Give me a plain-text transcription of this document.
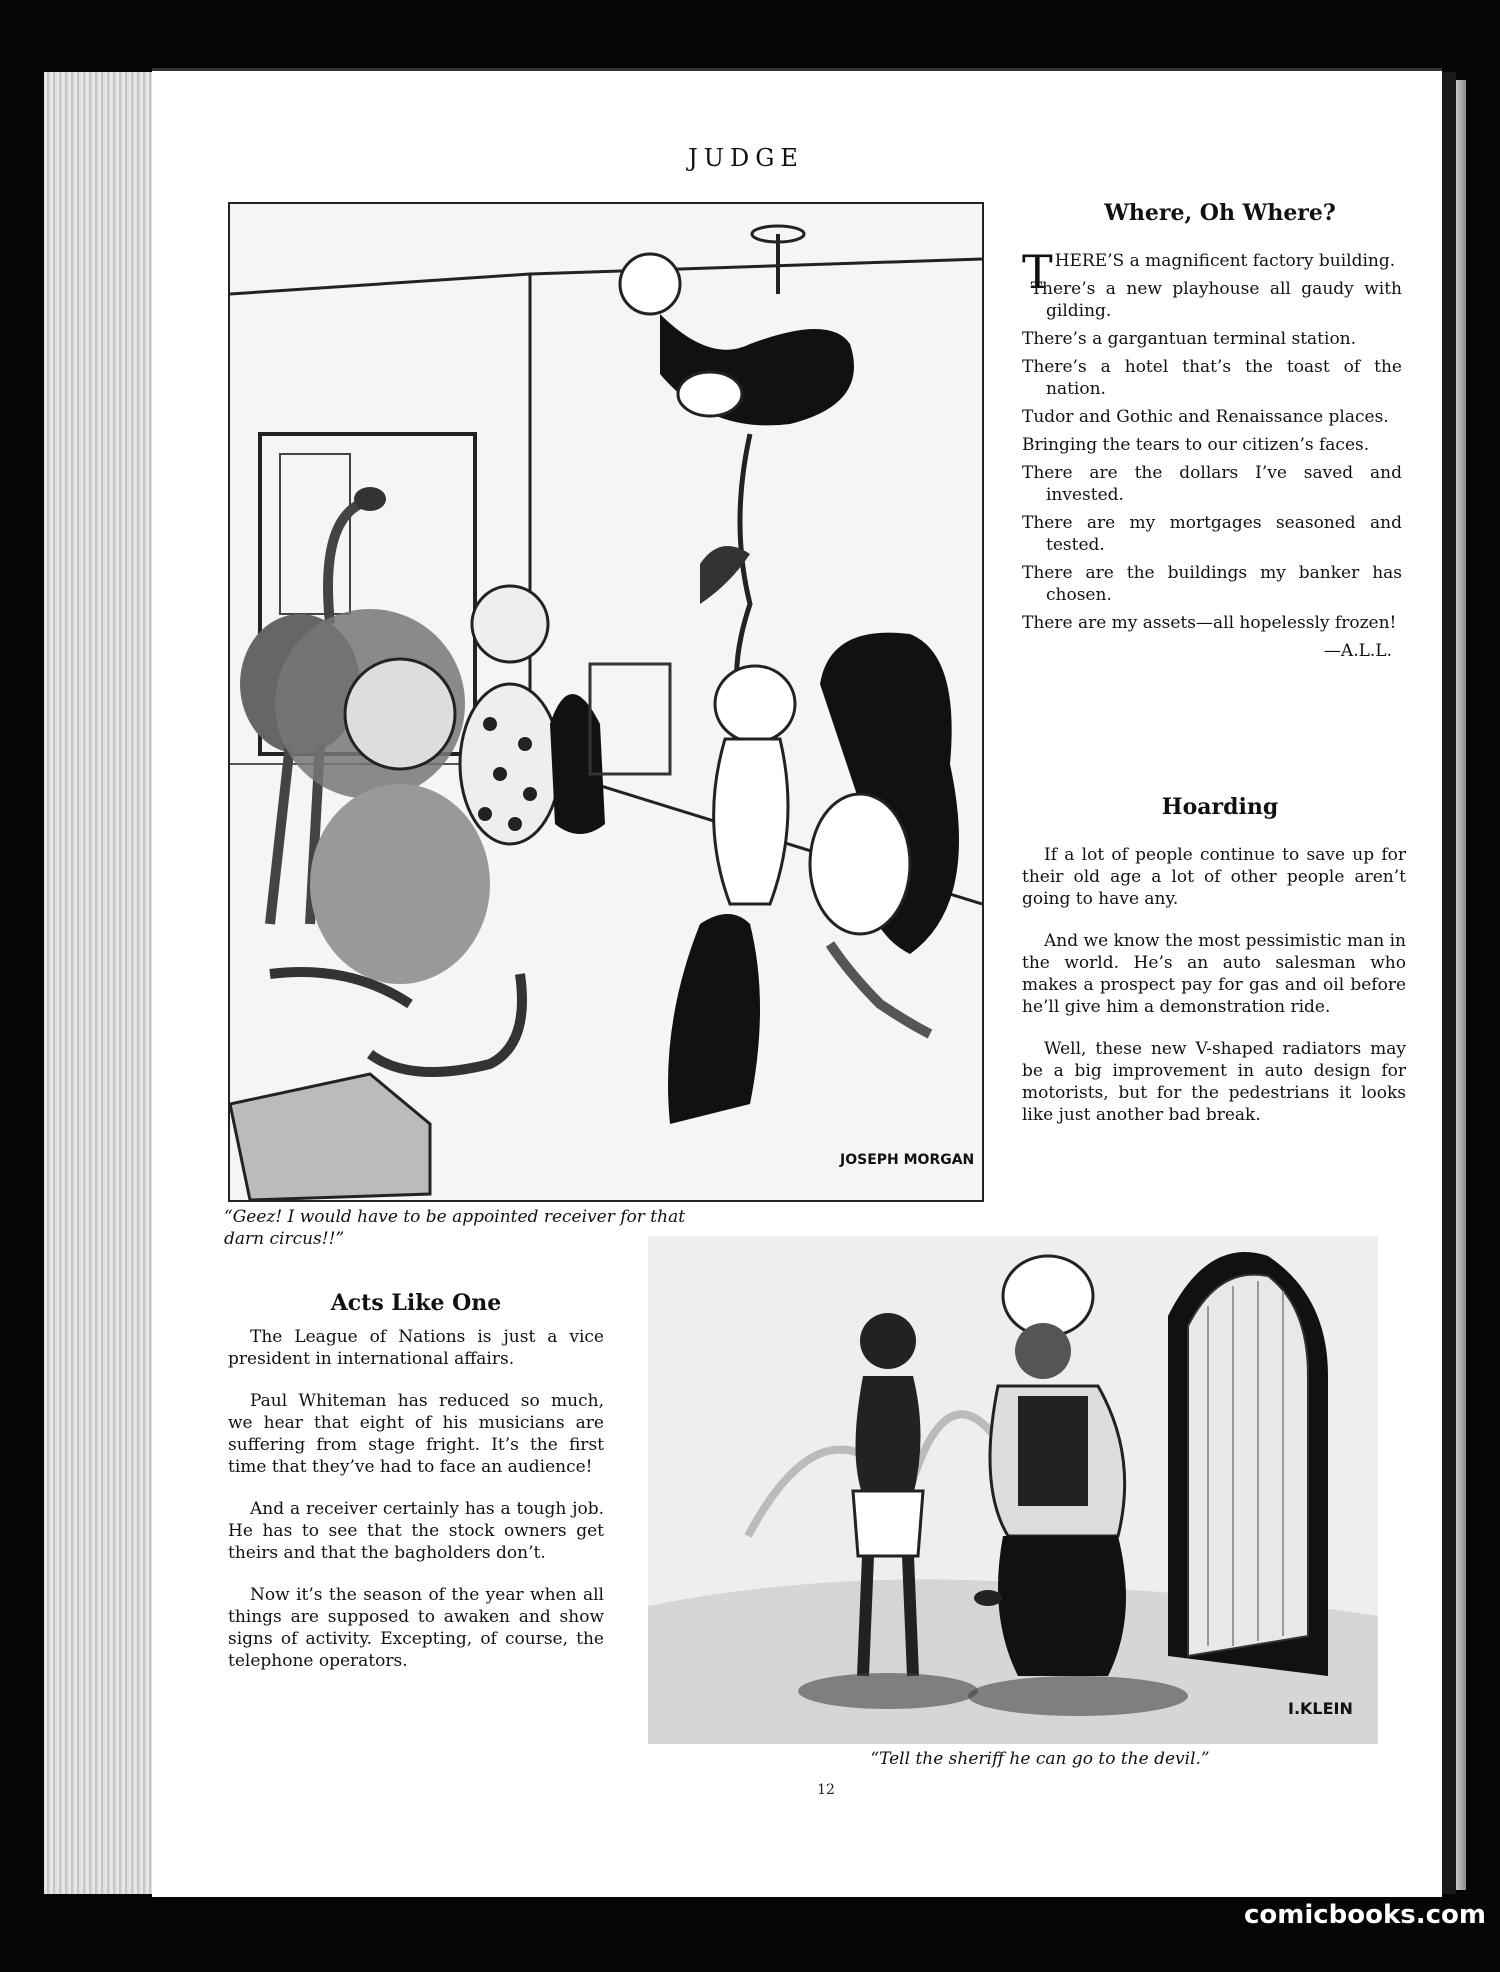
JUDGE
JOSEPH MORGAN
“Geez! I would have to be appointed receiver for that darn circus!!”
Where, Oh Where?
T HERE’S a magnificent factory building.
There’s a new playhouse all gaudy with gilding.
There’s a gargantuan terminal station.
There’s a hotel that’s the toast of the nation.
Tudor and Gothic and Renaissance places.
Bringing the tears to our citizen’s faces.
There are the dollars I’ve saved and invested.
There are my mortgages seasoned and tested.
There are the buildings my banker has chosen.
There are my assets—all hopelessly frozen!
—A.L.L.
Hoarding

If a lot of people continue to save up for their old age a lot of other people aren’t going to have any.

And we know the most pessimistic man in the world. He’s an auto salesman who makes a prospect pay for gas and oil before he’ll give him a demonstration ride.

Well, these new V-shaped radiators may be a big improvement in auto design for motorists, but for the pedestrians it looks like just another bad break.

Acts Like One

The League of Nations is just a vice president in international affairs.

Paul Whiteman has reduced so much, we hear that eight of his musicians are suffering from stage fright. It’s the first time that they’ve had to face an audience!

And a receiver certainly has a tough job. He has to see that the stock owners get theirs and that the bagholders don’t.

Now it’s the season of the year when all things are supposed to awaken and show signs of activity. Excepting, of course, the telephone operators.

I.KLEIN
“Tell the sheriff he can go to the devil.”
12
comicbooks.com
